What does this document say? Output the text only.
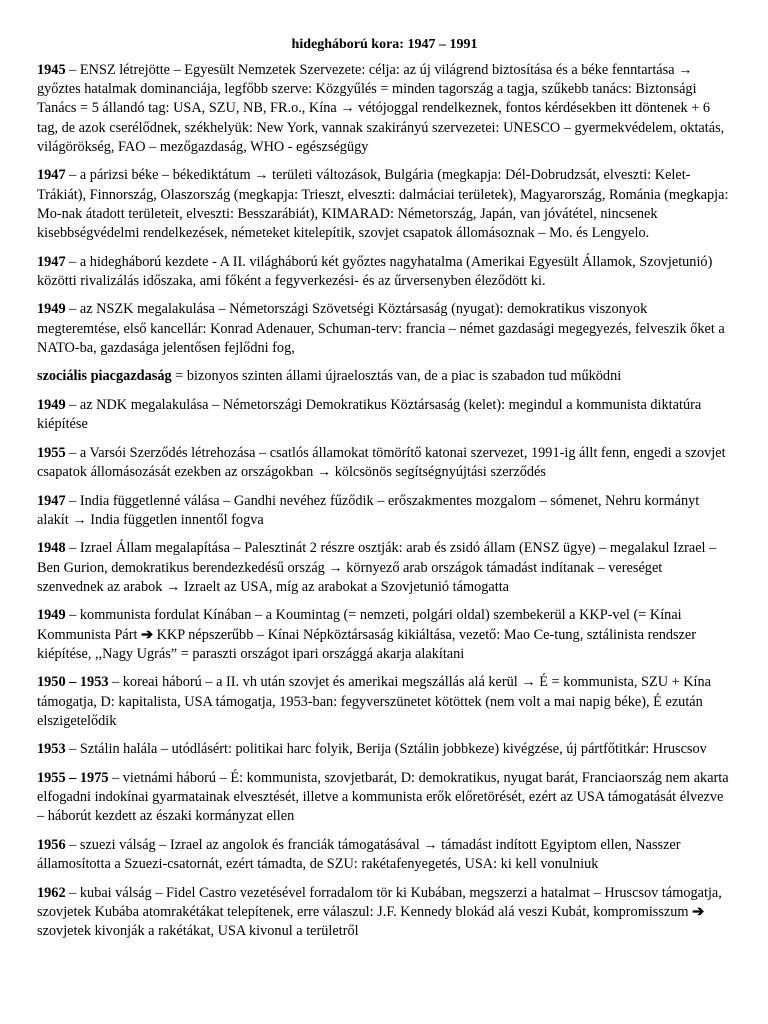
hidegháború kora: 1947 – 1991

1945 – ENSZ létrejötte – Egyesült Nemzetek Szervezete: célja: az új világrend biztosítása és a béke fenntartása → győztes hatalmak dominanciája, legfőbb szerve: Közgyűlés = minden tagország a tagja, szűkebb tanács: Biztonsági Tanács = 5 állandó tag: USA, SZU, NB, FR.o., Kína → vétójoggal rendelkeznek, fontos kérdésekben itt döntenek + 6 tag, de azok cserélődnek, székhelyük: New York, vannak szakirányú szervezetei: UNESCO – gyermekvédelem, oktatás, világörökség, FAO – mezőgazdaság, WHO - egészségügy

1947 – a párizsi béke – békediktátum → területi változások, Bulgária (megkapja: Dél-Dobrudzsát, elveszti: Kelet-Trákiát), Finnország, Olaszország (megkapja: Trieszt, elveszti: dalmáciai területek), Magyarország, Románia (megkapja: Mo-nak átadott területeit, elveszti: Besszarábiát), KIMARAD: Németország, Japán, van jóvátétel, nincsenek kisebbségvédelmi rendelkezések, németeket kitelepítik, szovjet csapatok állomásoznak – Mo. és Lengyelo.

1947 – a hidegháború kezdete - A II. világháború két győztes nagyhatalma (Amerikai Egyesült Államok, Szovjetunió) közötti rivalizálás időszaka, ami főként a fegyverkezési- és az űrversenyben éleződött ki.

1949 – az NSZK megalakulása – Németországi Szövetségi Köztársaság (nyugat): demokratikus viszonyok megteremtése, első kancellár: Konrad Adenauer, Schuman-terv: francia – német gazdasági megegyezés, felveszik őket a NATO-ba, gazdasága jelentősen fejlődni fog,

szociális piacgazdaság = bizonyos szinten állami újraelosztás van, de a piac is szabadon tud működni

1949 – az NDK megalakulása – Németországi Demokratikus Köztársaság (kelet): megindul a kommunista diktatúra kiépítése

1955 – a Varsói Szerződés létrehozása – csatlós államokat tömörítő katonai szervezet, 1991-ig állt fenn, engedi a szovjet csapatok állomásozását ezekben az országokban → kölcsönös segítségnyújtási szerződés

1947 – India függetlenné válása – Gandhi nevéhez fűződik – erőszakmentes mozgalom – sómenet, Nehru kormányt alakít → India független innentől fogva

1948 – Izrael Állam megalapítása – Palesztinát 2 részre osztják: arab és zsidó állam (ENSZ ügye) – megalakul Izrael – Ben Gurion, demokratikus berendezkedésű ország → környező arab országok támadást indítanak – vereséget szenvednek az arabok → Izraelt az USA, míg az arabokat a Szovjetunió támogatta

1949 – kommunista fordulat Kínában – a Koumintag (= nemzeti, polgári oldal) szembekerül a KKP-vel (= Kínai Kommunista Párt ➔ KKP népszerűbb – Kínai Népköztársaság kikiáltása, vezető: Mao Ce-tung, sztálinista rendszer kiépítése, ,,Nagy Ugrás” = paraszti országot ipari országgá akarja alakítani

1950 – 1953 – koreai háború – a II. vh után szovjet és amerikai megszállás alá kerül → É = kommunista, SZU + Kína támogatja, D: kapitalista, USA támogatja, 1953-ban: fegyverszünetet kötöttek (nem volt a mai napig béke), É ezután elszigetelődik

1953 – Sztálin halála – utódlásért: politikai harc folyik, Berija (Sztálin jobbkeze) kivégzése, új pártfőtitkár: Hruscsov

1955 – 1975 – vietnámi háború – É: kommunista, szovjetbarát, D: demokratikus, nyugat barát, Franciaország nem akarta elfogadni indokínai gyarmatainak elvesztését, illetve a kommunista erők előretörését, ezért az USA támogatását élvezve – háborút kezdett az északi kormányzat ellen

1956 – szuezi válság – Izrael az angolok és franciák támogatásával → támadást indított Egyiptom ellen, Nasszer államosította a Szuezi-csatornát, ezért támadta, de SZU: rakétafenyegetés, USA: ki kell vonulniuk

1962 – kubai válság – Fidel Castro vezetésével forradalom tör ki Kubában, megszerzi a hatalmat – Hruscsov támogatja, szovjetek Kubába atomrakétákat telepítenek, erre válaszul: J.F. Kennedy blokád alá veszi Kubát, kompromisszum ➔ szovjetek kivonják a rakétákat, USA kivonul a területről
